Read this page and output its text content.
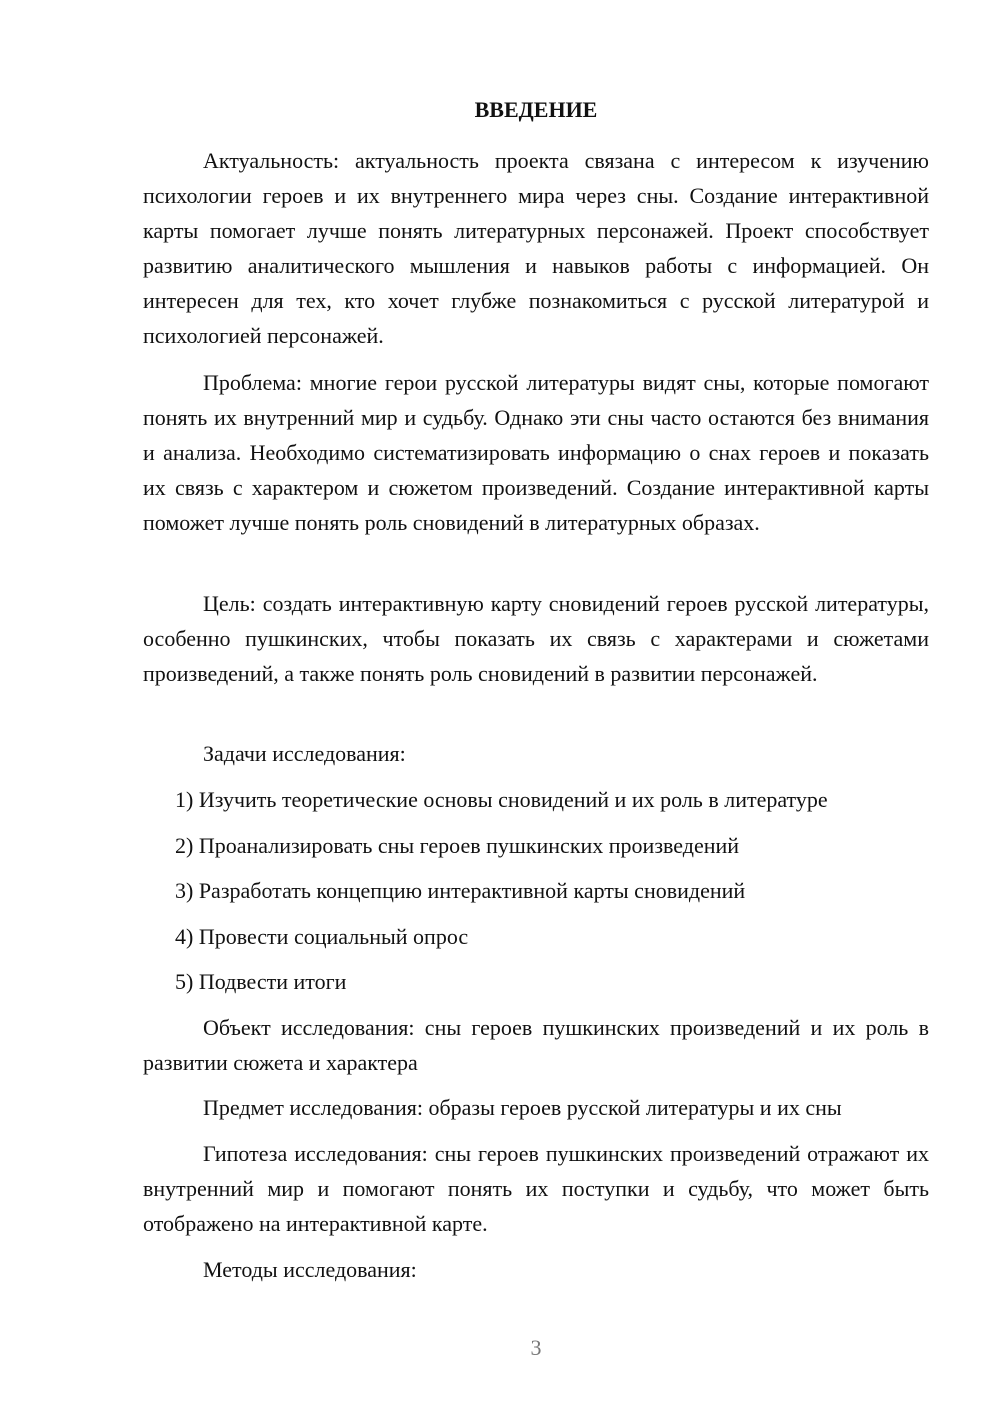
ВВЕДЕНИЕ

Актуальность: актуальность проекта связана с интересом к изучению психологии героев и их внутреннего мира через сны. Создание интерактивной карты помогает лучше понять литературных персонажей. Проект способствует развитию аналитического мышления и навыков работы с информацией. Он интересен для тех, кто хочет глубже познакомиться с русской литературой и психологией персонажей.

Проблема: многие герои русской литературы видят сны, которые помогают понять их внутренний мир и судьбу. Однако эти сны часто остаются без внимания и анализа. Необходимо систематизировать информацию о снах героев и показать их связь с характером и сюжетом произведений. Создание интерактивной карты поможет лучше понять роль сновидений в литературных образах.

Цель: создать интерактивную карту сновидений героев русской литературы, особенно пушкинских, чтобы показать их связь с характерами и сюжетами произведений, а также понять роль сновидений в развитии персонажей.

Задачи исследования:

1) Изучить теоретические основы сновидений и их роль в литературе

2) Проанализировать сны героев пушкинских произведений

3) Разработать концепцию интерактивной карты сновидений

4) Провести социальный опрос

5) Подвести итоги

Объект исследования: сны героев пушкинских произведений и их роль в развитии сюжета и характера

Предмет исследования: образы героев русской литературы и их сны

Гипотеза исследования: сны героев пушкинских произведений отражают их внутренний мир и помогают понять их поступки и судьбу, что может быть отображено на интерактивной карте.

Методы исследования:

3
